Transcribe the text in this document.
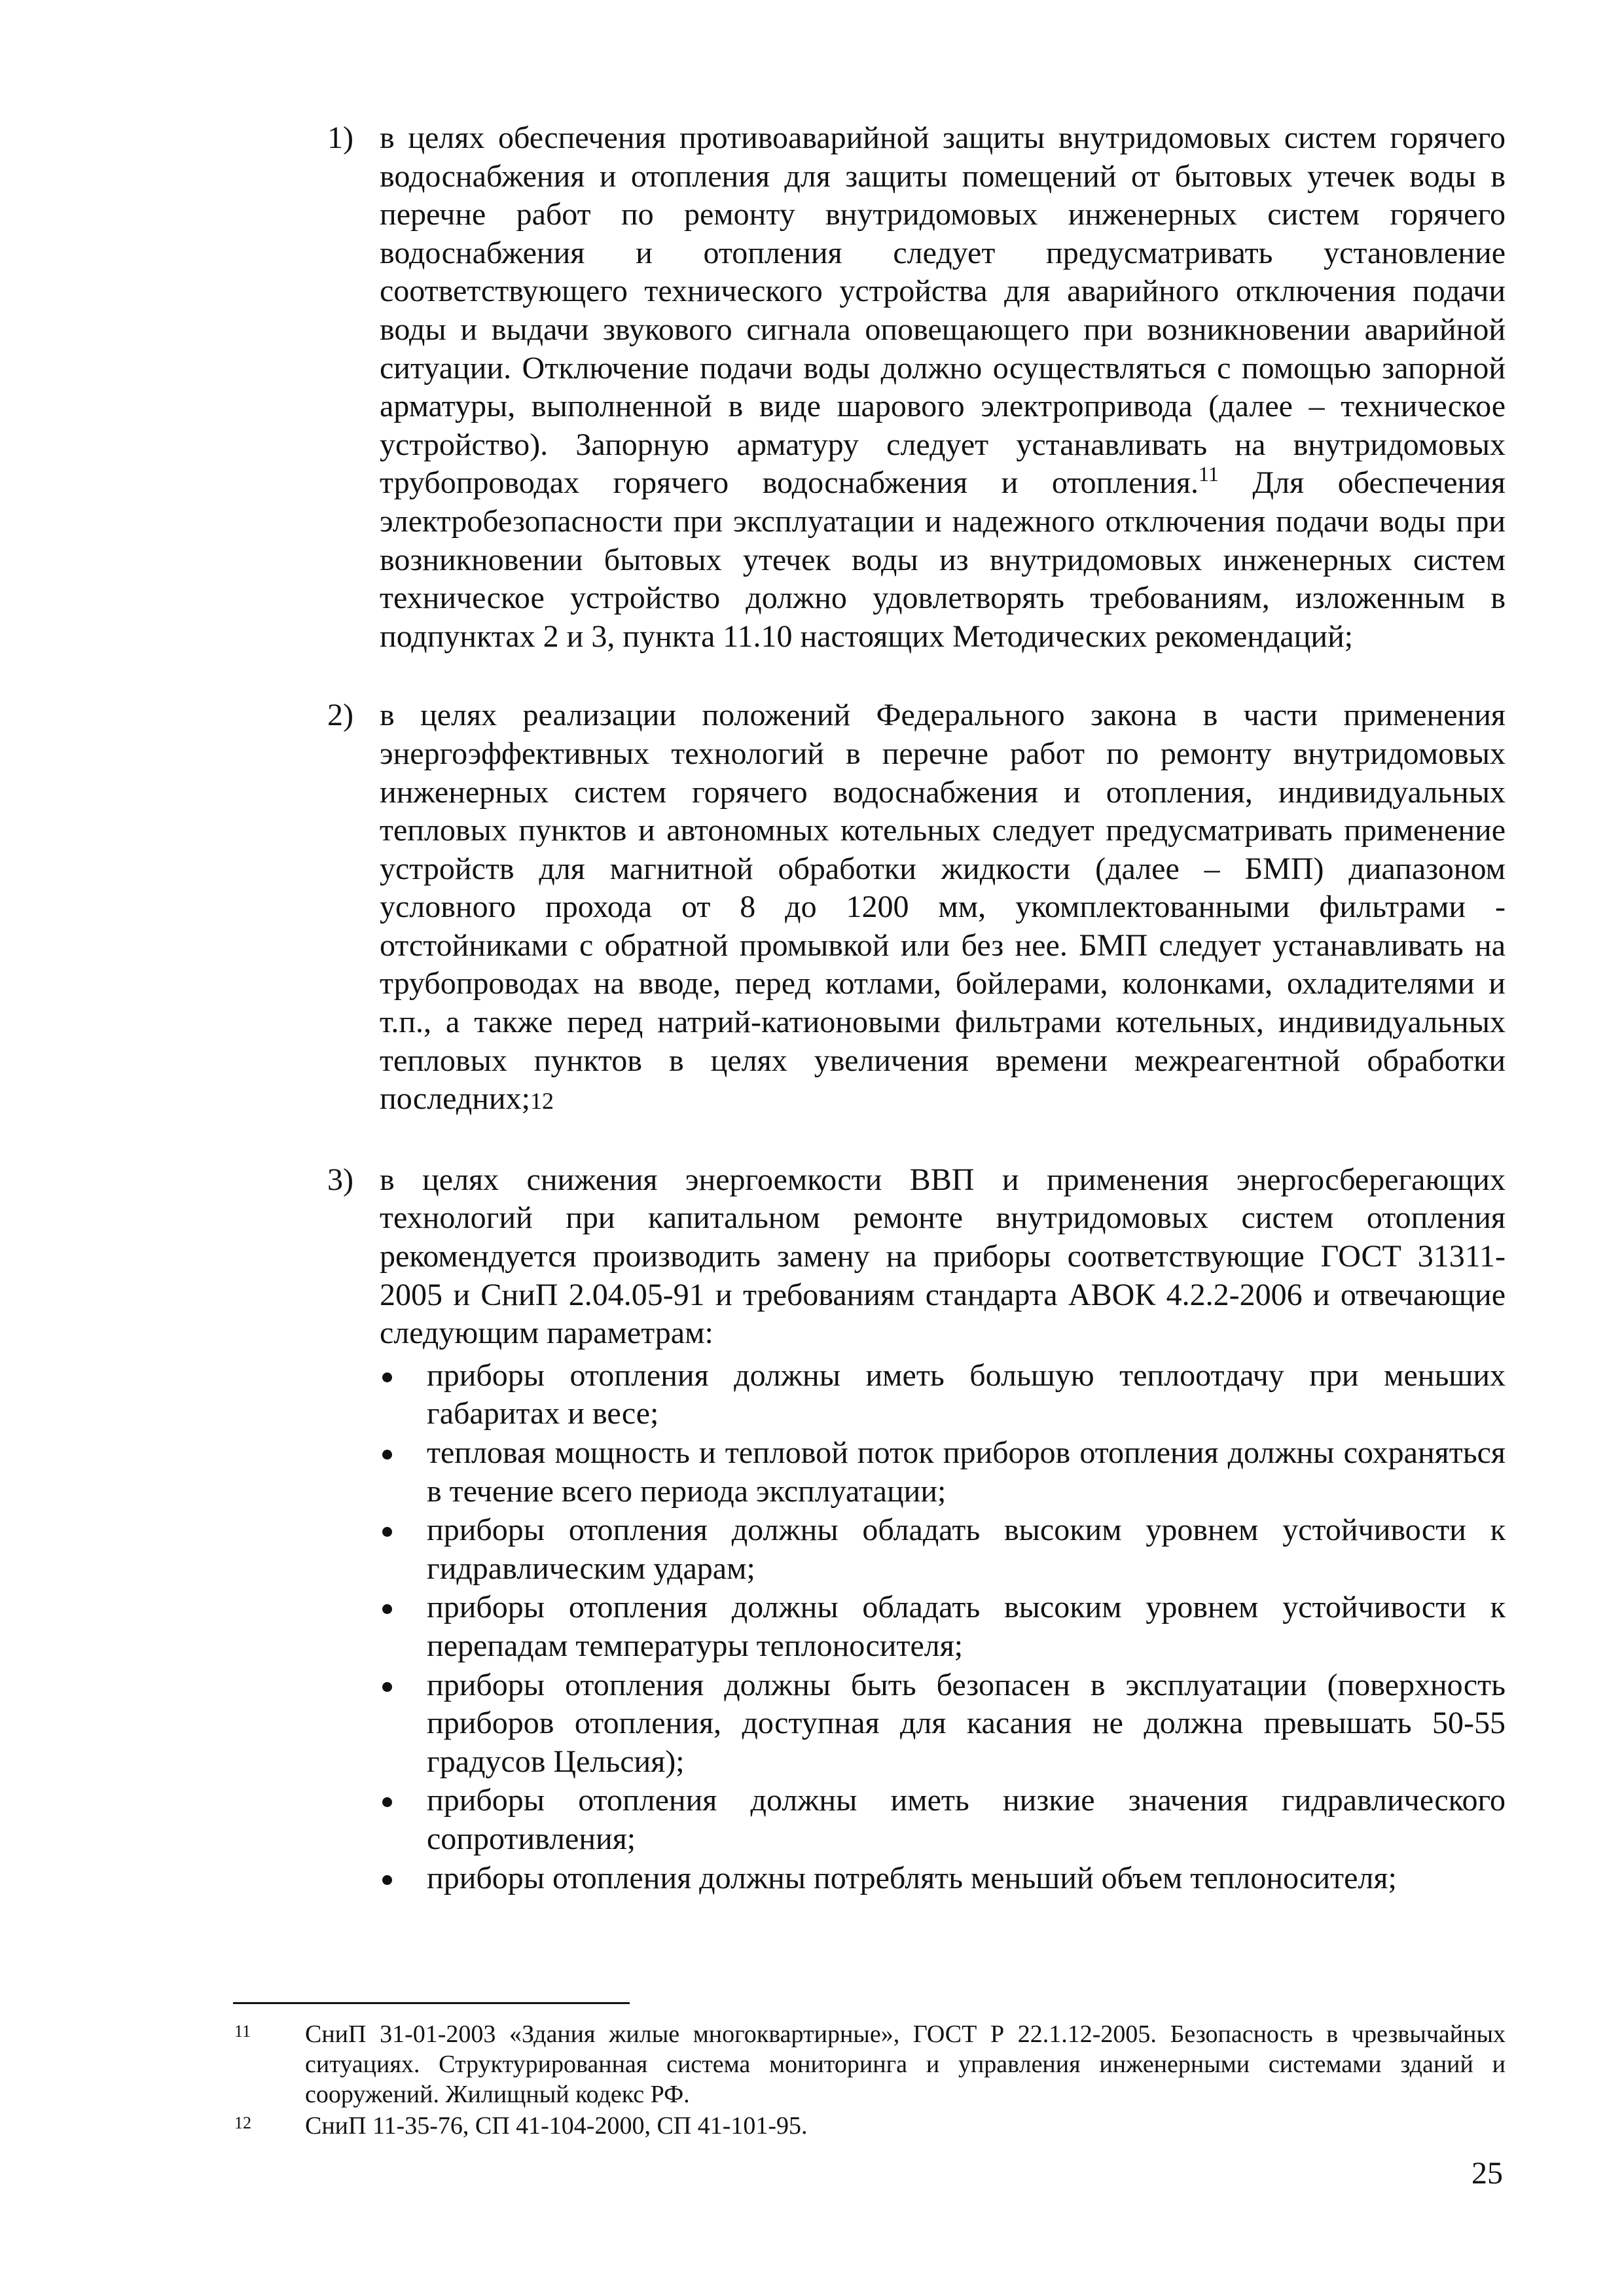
1) в целях обеспечения противоаварийной защиты внутридомовых систем горячего водоснабжения и отопления для защиты помещений от бытовых утечек воды в перечне работ по ремонту внутридомовых инженерных систем горячего водоснабжения и отопления следует предусматривать установление соответствующего технического устройства для аварийного отключения подачи воды и выдачи звукового сигнала оповещающего при возникновении аварийной ситуации. Отключение подачи воды должно осуществляться с помощью запорной арматуры, выполненной в виде шарового электропривода (далее – техническое устройство). Запорную арматуру следует устанавливать на внутридомовых трубопроводах горячего водоснабжения и отопления.$^{11}$ Для обеспечения электробезопасности при эксплуатации и надежного отключения подачи воды при возникновении бытовых утечек воды из внутридомовых инженерных систем техническое устройство должно удовлетворять требованиям, изложенным в подпунктах 2 и 3, пункта 11.10 настоящих Методических рекомендаций;
2) в целях реализации положений Федерального закона в части применения энергоэффективных технологий в перечне работ по ремонту внутридомовых инженерных систем горячего водоснабжения и отопления, индивидуальных тепловых пунктов и автономных котельных следует предусматривать применение устройств для магнитной обработки жидкости (далее – БМП) диапазоном условного прохода от 8 до 1200 мм, укомплектованными фильтрами - отстойниками с обратной промывкой или без нее. БМП следует устанавливать на трубопроводах на вводе, перед котлами, бойлерами, колонками, охладителями и т.п., а также перед натрий-катионовыми фильтрами котельных, индивидуальных тепловых пунктов в целях увеличения времени межреагентной обработки последних;12
3) в целях снижения энергоемкости ВВП и применения энергосберегающих технологий при капитальном ремонте внутридомовых систем отопления рекомендуется производить замену на приборы соответствующие ГОСТ 31311-2005 и СниП 2.04.05-91 и требованиям стандарта АВОК 4.2.2-2006 и отвечающие следующим параметрам:
приборы отопления должны иметь большую теплоотдачу при меньших габаритах и весе;
тепловая мощность и тепловой поток приборов отопления должны сохраняться в течение всего периода эксплуатации;
приборы отопления должны обладать высоким уровнем устойчивости к гидравлическим ударам;
приборы отопления должны обладать высоким уровнем устойчивости к перепадам температуры теплоносителя;
приборы отопления должны быть безопасен в эксплуатации (поверхность приборов отопления, доступная для касания не должна превышать 50-55 градусов Цельсия);
приборы отопления должны иметь низкие значения гидравлического сопротивления;
приборы отопления должны потреблять меньший объем теплоносителя;
11 СниП 31-01-2003 «Здания жилые многоквартирные», ГОСТ Р 22.1.12-2005. Безопасность в чрезвычайных ситуациях. Структурированная система мониторинга и управления инженерными системами зданий и сооружений. Жилищный кодекс РФ.
12 СниП 11-35-76, СП 41-104-2000, СП 41-101-95.
25
